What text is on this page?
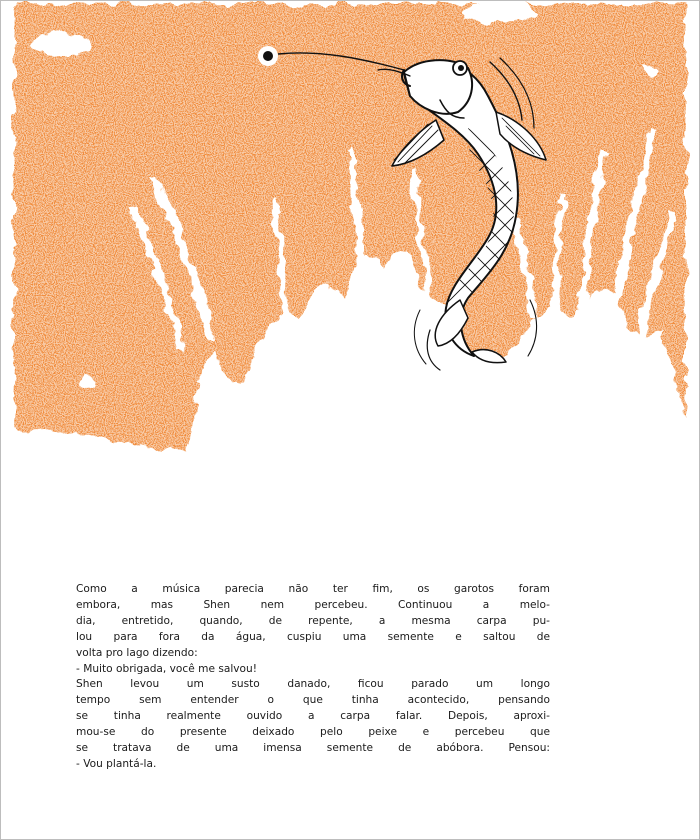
Como a música parecia não ter fim, os garotos foram

embora, mas Shen nem percebeu. Continuou a melo-

dia, entretido, quando, de repente, a mesma carpa pu-

lou para fora da água, cuspiu uma semente e saltou de

volta pro lago dizendo:

- Muito obrigada, você me salvou!

Shen levou um susto danado, ficou parado um longo

tempo sem entender o que tinha acontecido, pensando

se tinha realmente ouvido a carpa falar. Depois, aproxi-

mou-se do presente deixado pelo peixe e percebeu que

se tratava de uma imensa semente de abóbora. Pensou:

- Vou plantá-la.
